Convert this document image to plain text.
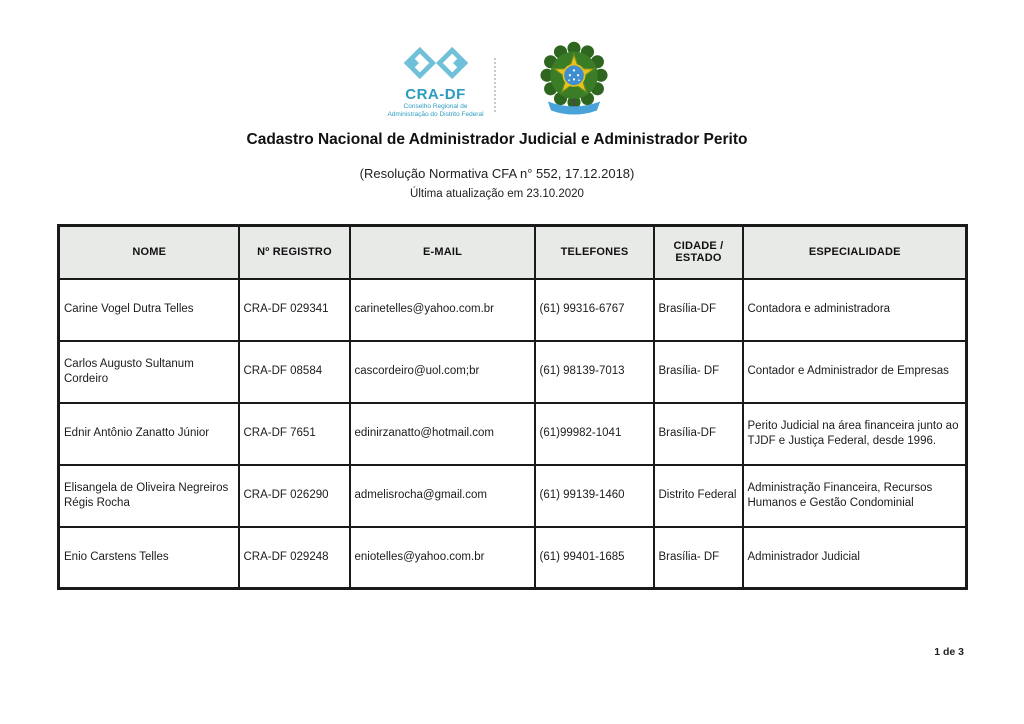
CRA-DF
Conselho Regional de
Administração do Distrito Federal
Cadastro Nacional de Administrador Judicial e Administrador Perito
(Resolução Normativa CFA n° 552, 17.12.2018)
Última atualização em 23.10.2020
NOME	Nº REGISTRO	E-MAIL	TELEFONES	CIDADE / ESTADO	ESPECIALIDADE
Carine Vogel Dutra Telles	CRA-DF 029341	carinetelles@yahoo.com.br	(61) 99316-6767	Brasília-DF	Contadora e administradora
Carlos Augusto Sultanum Cordeiro	CRA-DF 08584	cascordeiro@uol.com;br	(61) 98139-7013	Brasília- DF	Contador e Administrador de Empresas
Ednir Antônio Zanatto Júnior	CRA-DF 7651	edinirzanatto@hotmail.com	(61)99982-1041	Brasília-DF	Perito Judicial na área financeira junto ao TJDF e Justiça Federal, desde 1996.
Elisangela de Oliveira Negreiros Régis Rocha	CRA-DF 026290	admelisrocha@gmail.com	(61) 99139-1460	Distrito Federal	Administração Financeira, Recursos Humanos e Gestão Condominial
Enio Carstens Telles	CRA-DF 029248	eniotelles@yahoo.com.br	(61) 99401-1685	Brasília- DF	Administrador Judicial
1 de 3
